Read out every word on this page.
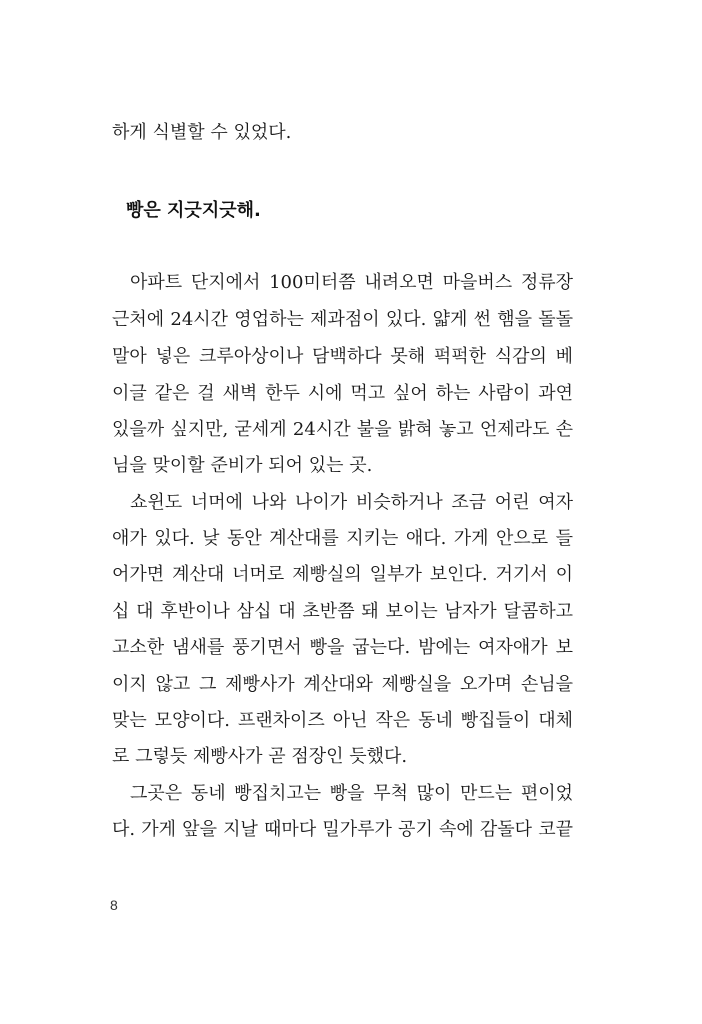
하게 식별할 수 있었다.
빵은 지긋지긋해.
아파트 단지에서 100미터쯤 내려오면 마을버스 정류장
근처에 24시간 영업하는 제과점이 있다. 얇게 썬 햄을 돌돌
말아 넣은 크루아상이나 담백하다 못해 퍽퍽한 식감의 베
이글 같은 걸 새벽 한두 시에 먹고 싶어 하는 사람이 과연
있을까 싶지만, 굳세게 24시간 불을 밝혀 놓고 언제라도 손
님을 맞이할 준비가 되어 있는 곳.
쇼윈도 너머에 나와 나이가 비슷하거나 조금 어린 여자
애가 있다. 낮 동안 계산대를 지키는 애다. 가게 안으로 들
어가면 계산대 너머로 제빵실의 일부가 보인다. 거기서 이
십 대 후반이나 삼십 대 초반쯤 돼 보이는 남자가 달콤하고
고소한 냄새를 풍기면서 빵을 굽는다. 밤에는 여자애가 보
이지 않고 그 제빵사가 계산대와 제빵실을 오가며 손님을
맞는 모양이다. 프랜차이즈 아닌 작은 동네 빵집들이 대체
로 그렇듯 제빵사가 곧 점장인 듯했다.
그곳은 동네 빵집치고는 빵을 무척 많이 만드는 편이었
다. 가게 앞을 지날 때마다 밀가루가 공기 속에 감돌다 코끝
8
